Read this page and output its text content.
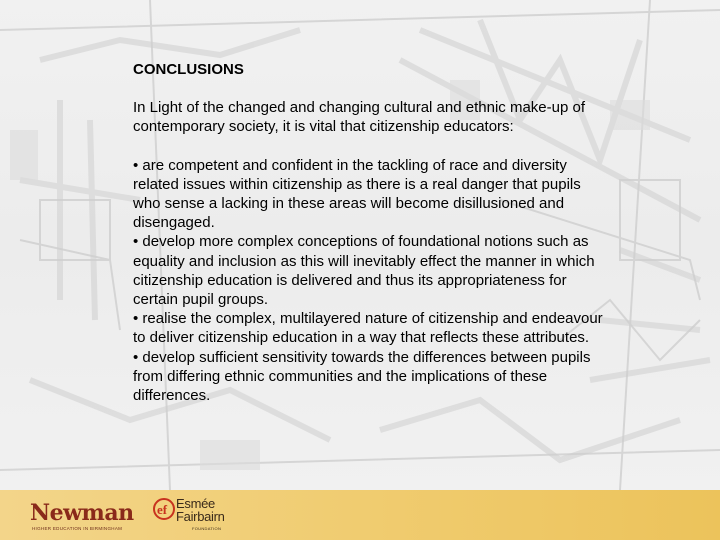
CONCLUSIONS

In Light of the changed and changing cultural and ethnic make-up of contemporary society, it is vital that citizenship educators:

• are competent and confident in the tackling of race and diversity related issues within citizenship as there is a real danger that pupils who sense a lacking in these areas will become disillusioned and disengaged.

• develop more complex conceptions of foundational notions such as equality and inclusion as this will inevitably effect the manner in which citizenship education is delivered and thus its appropriateness for certain pupil groups.

• realise the complex, multilayered nature of citizenship and endeavour to deliver citizenship education in a way that reflects these attributes.

• develop sufficient sensitivity towards the differences between pupils from differing ethnic communities and the implications of these differences.

Newman
HIGHER EDUCATION IN BIRMINGHAM
ef Esmée
Fairbairn
FOUNDATION
